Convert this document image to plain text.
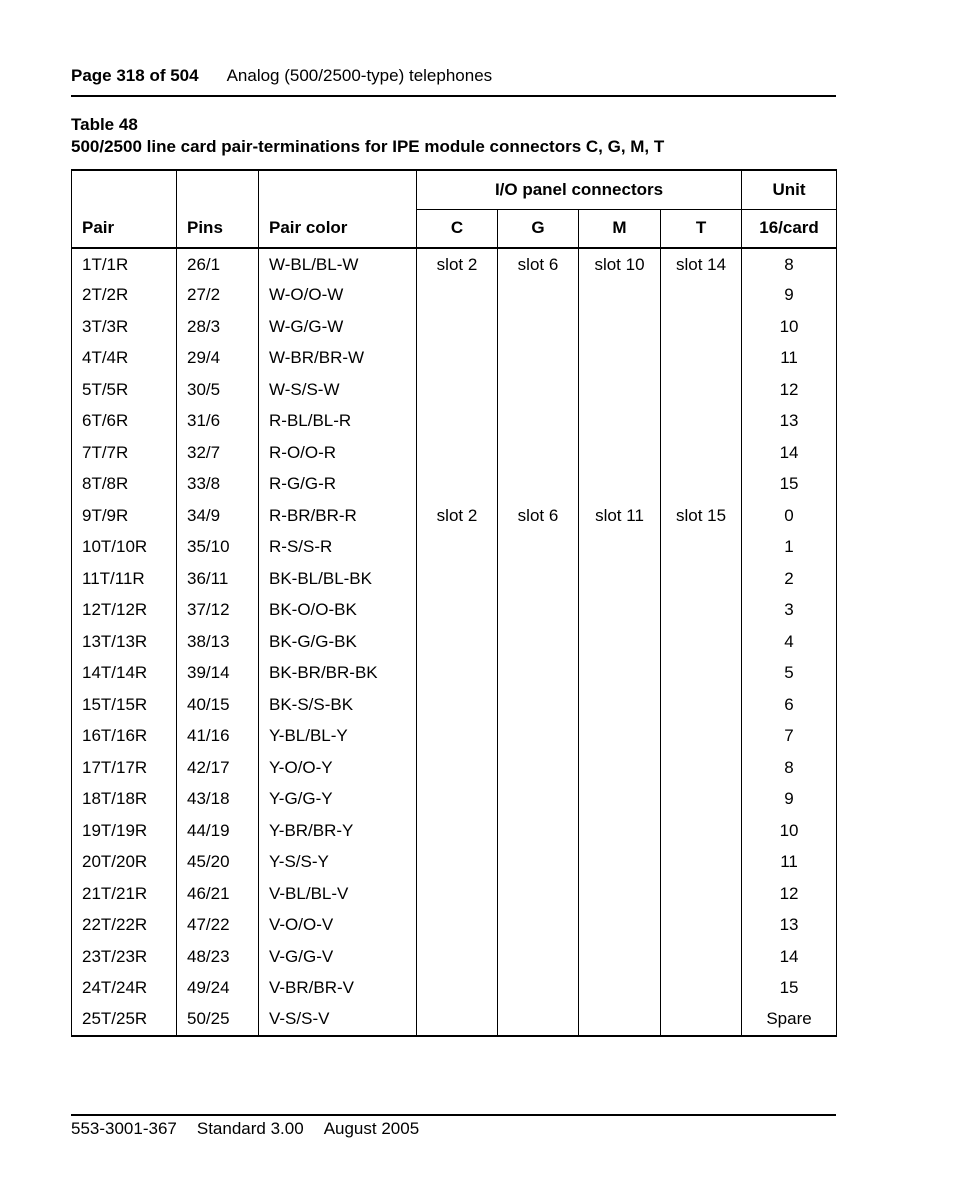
Page 318 of 504 Analog (500/2500-type) telephones
Table 48
500/2500 line card pair-terminations for IPE module connectors C, G, M, T
			I/O panel connectors				Unit
Pair	Pins	Pair color	C	G	M	T	16/card
1T/1R	26/1	W-BL/BL-W	slot 2	slot 6	slot 10	slot 14	8
2T/2R	27/2	W-O/O-W					9
3T/3R	28/3	W-G/G-W					10
4T/4R	29/4	W-BR/BR-W					11
5T/5R	30/5	W-S/S-W					12
6T/6R	31/6	R-BL/BL-R					13
7T/7R	32/7	R-O/O-R					14
8T/8R	33/8	R-G/G-R					15
9T/9R	34/9	R-BR/BR-R	slot 2	slot 6	slot 11	slot 15	0
10T/10R	35/10	R-S/S-R					1
11T/11R	36/11	BK-BL/BL-BK					2
12T/12R	37/12	BK-O/O-BK					3
13T/13R	38/13	BK-G/G-BK					4
14T/14R	39/14	BK-BR/BR-BK					5
15T/15R	40/15	BK-S/S-BK					6
16T/16R	41/16	Y-BL/BL-Y					7
17T/17R	42/17	Y-O/O-Y					8
18T/18R	43/18	Y-G/G-Y					9
19T/19R	44/19	Y-BR/BR-Y					10
20T/20R	45/20	Y-S/S-Y					11
21T/21R	46/21	V-BL/BL-V					12
22T/22R	47/22	V-O/O-V					13
23T/23R	48/23	V-G/G-V					14
24T/24R	49/24	V-BR/BR-V					15
25T/25R	50/25	V-S/S-V					Spare
553-3001-367 Standard 3.00 August 2005
